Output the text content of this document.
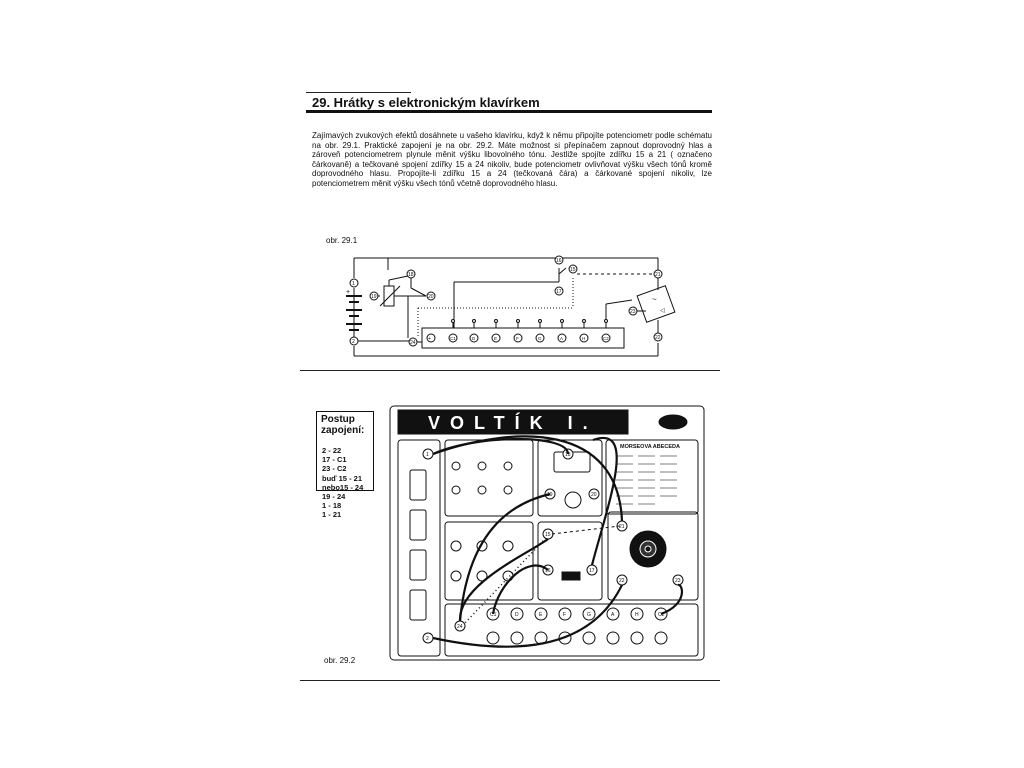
29. Hrátky s elektronickým klavírkem
Zajímavých zvukových efektů dosáhnete u vašeho klavírku, když k němu připojíte potenciometr podle schématu na obr. 29.1. Praktické zapojení je na obr. 29.2. Máte možnost si přepínačem zapnout doprovodný hlas a zároveň potenciometrem plynule měnit výšku libovolného tónu. Jestliže spojíte zdířku 15 a 21 ( označeno čárkovaně) a tečkované spojení zdířky 15 a 24 nikoliv, bude potenciometr ovlivňovat výšku všech tónů kromě doprovodného hlasu. Propojíte-li zdířku 15 a 24 (tečkovaná čára) a čárkované spojení nikoliv, lze potenciometrem měnit výšku všech tónů včetně doprovodného hlasu.
obr. 29.1
+
1
2
18
19	20
24
16
15
17
21
23
22
~
◁
+	C1	D	E	F	G	A	H	C2
Postup
zapojení:
2 - 22
17 - C1
23 - C2
buď 15 - 21
nebo15 - 24
19 - 24
1 - 18
1 - 21
VOLTÍK I.
MORSEOVA ABECEDA
1
2
18
19	20
15
16	17
21
22	23
24
C1	D	E	F	G	A	H	C2
obr. 29.2
